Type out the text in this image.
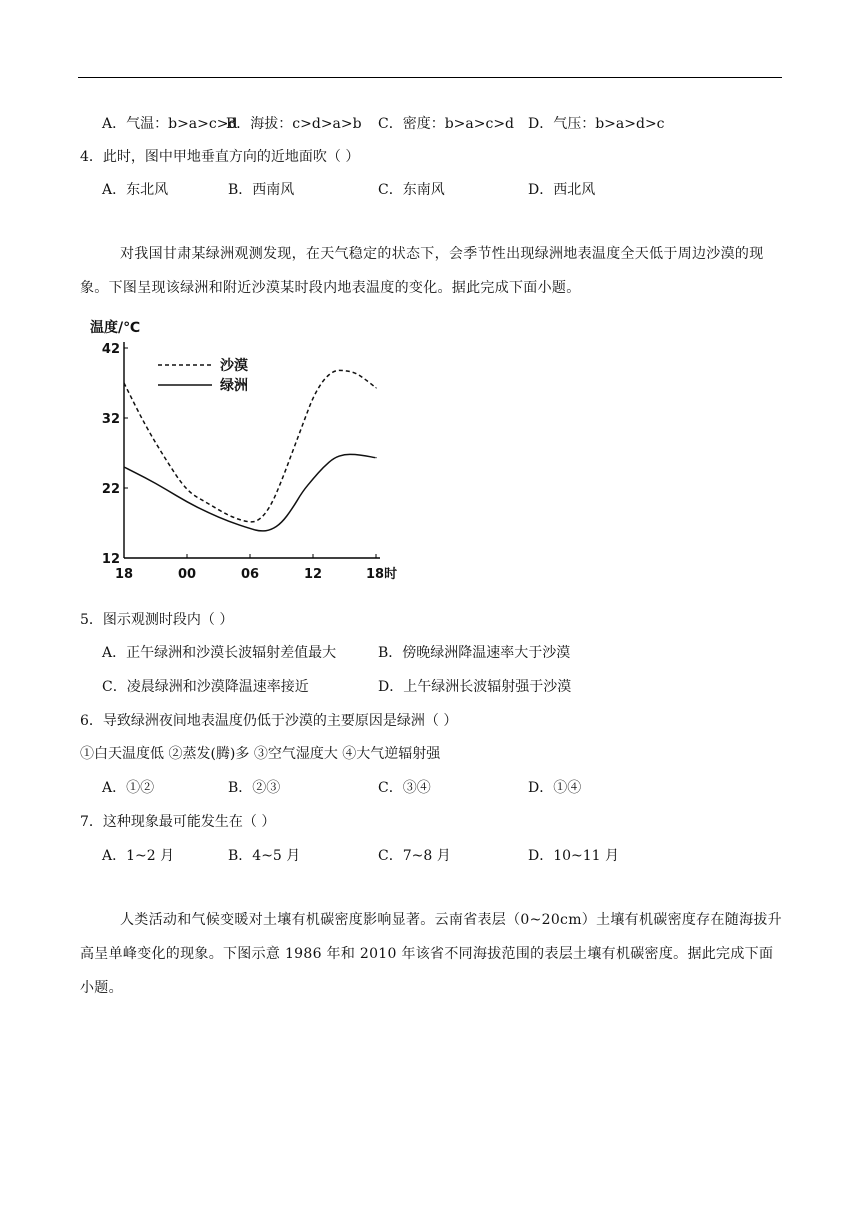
A．气温：b>a>c>d
B．海拔：c>d>a>b C．密度：b>a>c>d D．气压：b>a>d>c
4．此时，图中甲地垂直方向的近地面吹（ ）
A．东北风	B．西南风	C．东南风	D．西北风
对我国甘肃某绿洲观测发现，在天气稳定的状态下，会季节性出现绿洲地表温度全天低于周边沙漠的现象。下图呈现该绿洲和附近沙漠某时段内地表温度的变化。据此完成下面小题。
42
32
22
12
18	00	06	12	18时
沙漠
绿洲
温度/℃
5．图示观测时段内（ ）
A．正午绿洲和沙漠长波辐射差值最大	B．傍晚绿洲降温速率大于沙漠
C．凌晨绿洲和沙漠降温速率接近	D．上午绿洲长波辐射强于沙漠
6．导致绿洲夜间地表温度仍低于沙漠的主要原因是绿洲（ ）
①白天温度低 ②蒸发(腾)多 ③空气湿度大 ④大气逆辐射强
A．①②	B．②③	C．③④	D．①④
7．这种现象最可能发生在（ ）
A．1~2 月	B．4~5 月	C．7~8 月	D．10~11 月
人类活动和气候变暖对土壤有机碳密度影响显著。云南省表层（0~20cm）土壤有机碳密度存在随海拔升高呈单峰变化的现象。下图示意 1986 年和 2010 年该省不同海拔范围的表层土壤有机碳密度。据此完成下面小题。
